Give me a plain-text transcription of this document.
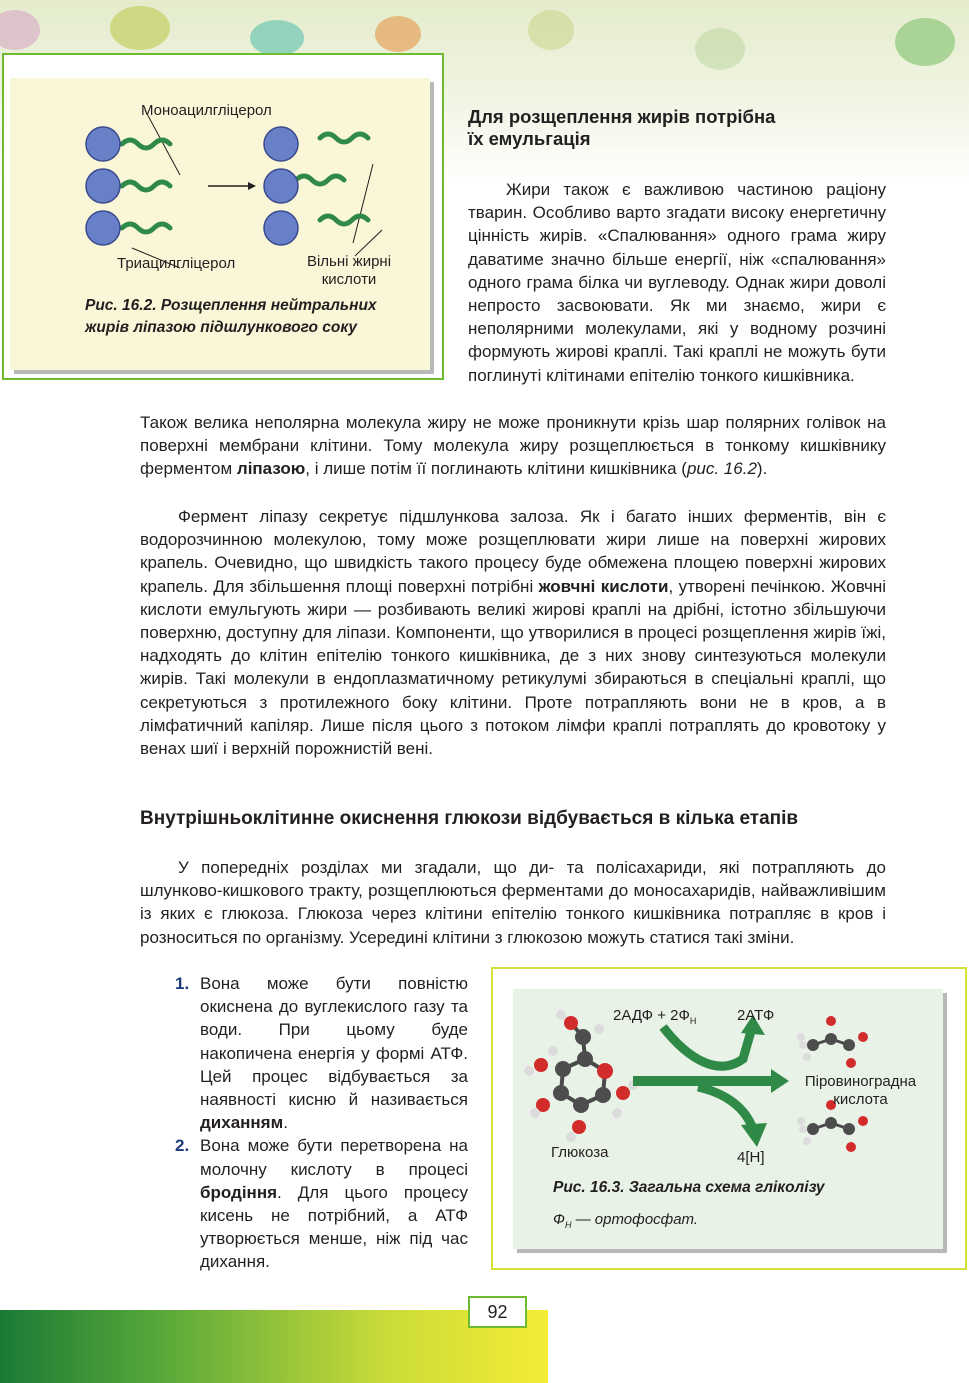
Моноацилгліцерол
Триацилгліцерол	Вільні жирні
кислоти
Рис. 16.2. Розщеплення нейтральних
жирів ліпазою підшлункового соку
Для розщеплення жирів потрібна
їх емульгація
Жири також є важливою частиною раціону тварин. Особливо варто згадати високу енергетичну цінність жирів. «Спалювання» одного грама жиру даватиме значно більше енергії, ніж «спалювання» одного грама білка чи вуглеводу. Однак жири доволі непросто засвоювати. Як ми знаємо, жири є неполярними молекулами, які у водному розчині формують жирові краплі. Такі краплі не можуть бути поглинуті клітинами епітелію тонкого кишківника.
Також велика неполярна молекула жиру не може проникнути крізь шар полярних голівок на поверхні мембрани клітини. Тому молекула жиру розщеплюється в тонкому кишківнику ферментом ліпазою, і лише потім її поглинають клітини кишківника (рис. 16.2).
Фермент ліпазу секретує підшлункова залоза. Як і багато інших ферментів, він є водорозчинною молекулою, тому може розщеплювати жири лише на поверхні жирових крапель. Очевидно, що швидкість такого процесу буде обмежена площею поверхні жирових крапель. Для збільшення площі поверхні потрібні жовчні кислоти, утворені печінкою. Жовчні кислоти емульгують жири — розбивають великі жирові краплі на дрібні, істотно збільшуючи поверхню, доступну для ліпази. Компоненти, що утворилися в процесі розщеплення жирів їжі, надходять до клітин епітелію тонкого кишківника, де з них знову синтезуються молекули жирів. Такі молекули в ендоплазматичному ретикулумі збираються в спеціальні краплі, що секретуються з протилежного боку клітини. Проте потрапляють вони не в кров, а в лімфатичний капіляр. Лише після цього з потоком лімфи краплі потраплять до кровотоку у венах шиї і верхній порожнистій вені.
Внутрішньоклітинне окиснення глюкози відбувається в кілька етапів
У попередніх розділах ми згадали, що ди- та полісахариди, які потрапляють до шлунково-кишкового тракту, розщеплюються ферментами до моносахаридів, найважливішим із яких є глюкоза. Глюкоза через клітини епітелію тонкого кишківника потрапляє в кров і розноситься по організму. Усередині клітини з глюкозою можуть статися такі зміни.
1. Вона може бути повністю окиснена до вуглекислого газу та води. При цьому буде накопичена енергія у формі АТФ. Цей процес відбувається за наявності кисню й називається диханням.
2. Вона може бути перетворена на молочну кислоту в процесі бродіння. Для цього процесу кисень не потрібний, а АТФ утворюється менше, ніж під час дихання.
$2АДФ + 2Ф_Н$	2АТФ
4[Н]
Глюкоза
Піровиноградна
кислота
Рис. 16.3. Загальна схема гліколізу
$Ф_Н$ — ортофосфат.
92
